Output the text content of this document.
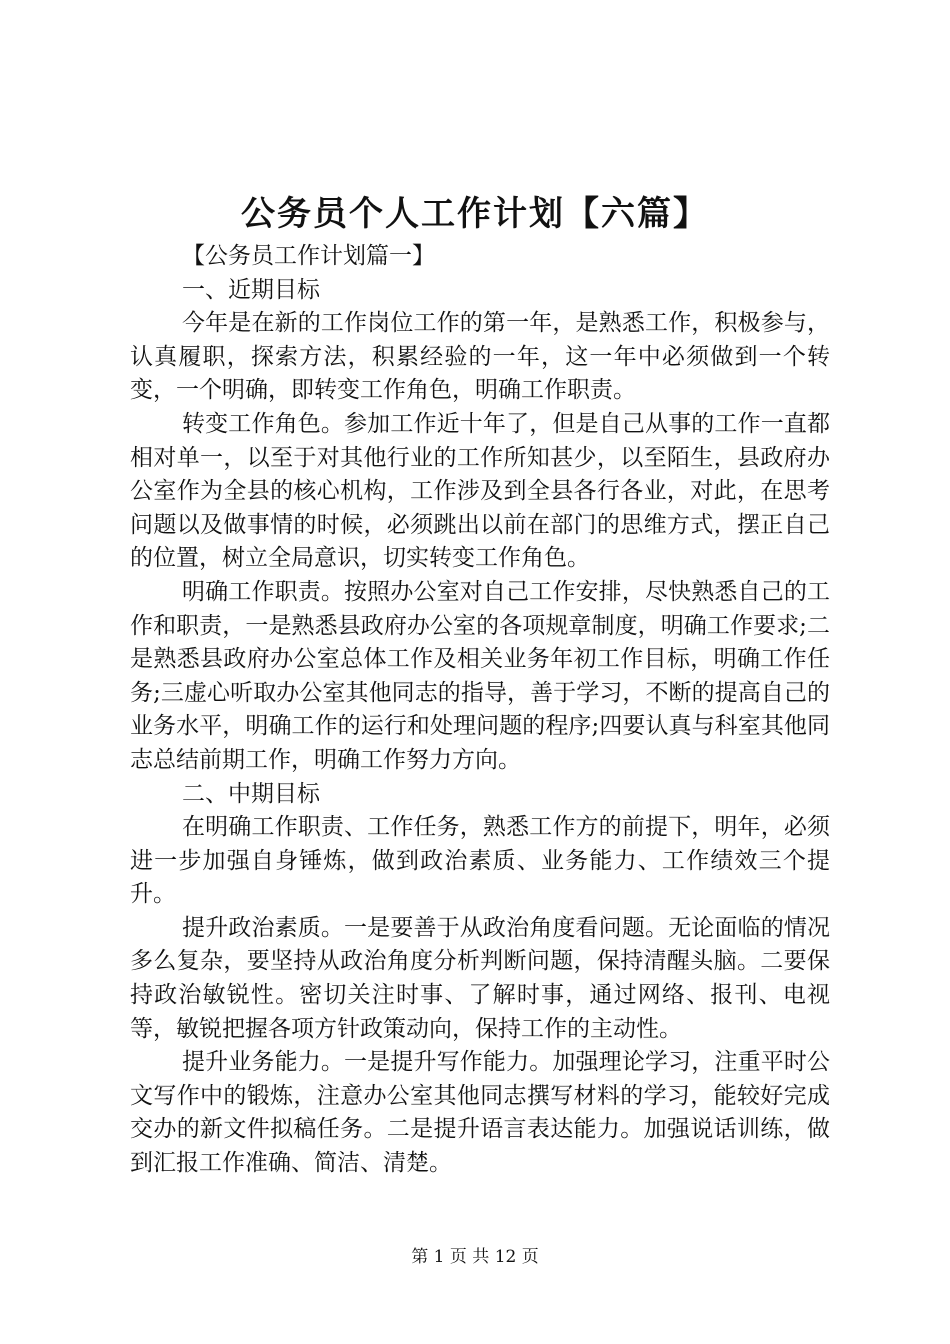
公务员个人工作计划【六篇】

【公务员工作计划篇一】

一、近期目标

今年是在新的工作岗位工作的第一年，是熟悉工作，积极参与，认真履职，探索方法，积累经验的一年，这一年中必须做到一个转变，一个明确，即转变工作角色，明确工作职责。

转变工作角色。参加工作近十年了，但是自己从事的工作一直都相对单一，以至于对其他行业的工作所知甚少，以至陌生，县政府办公室作为全县的核心机构，工作涉及到全县各行各业，对此，在思考问题以及做事情的时候，必须跳出以前在部门的思维方式，摆正自己的位置，树立全局意识，切实转变工作角色。

明确工作职责。按照办公室对自己工作安排，尽快熟悉自己的工作和职责，一是熟悉县政府办公室的各项规章制度，明确工作要求;二是熟悉县政府办公室总体工作及相关业务年初工作目标，明确工作任务;三虚心听取办公室其他同志的指导，善于学习，不断的提高自己的业务水平，明确工作的运行和处理问题的程序;四要认真与科室其他同志总结前期工作，明确工作努力方向。

二、中期目标

在明确工作职责、工作任务，熟悉工作方的前提下，明年，必须进一步加强自身锤炼，做到政治素质、业务能力、工作绩效三个提升。

提升政治素质。一是要善于从政治角度看问题。无论面临的情况多么复杂，要坚持从政治角度分析判断问题，保持清醒头脑。二要保持政治敏锐性。密切关注时事、了解时事，通过网络、报刊、电视等，敏锐把握各项方针政策动向，保持工作的主动性。

提升业务能力。一是提升写作能力。加强理论学习，注重平时公文写作中的锻炼，注意办公室其他同志撰写材料的学习，能较好完成交办的新文件拟稿任务。二是提升语言表达能力。加强说话训练，做到汇报工作准确、简洁、清楚。

第 1 页 共 12 页
